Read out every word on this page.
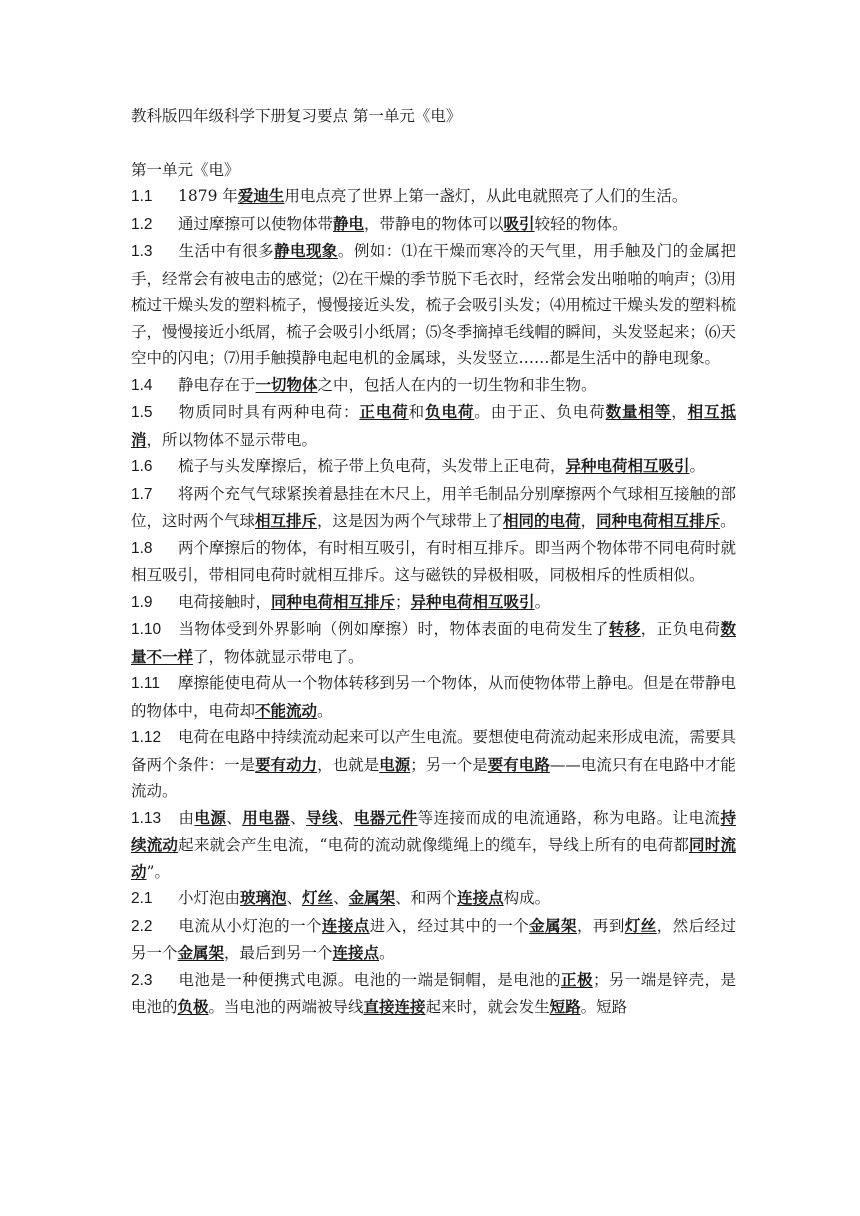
教科版四年级科学下册复习要点 第一单元《电》

第一单元《电》

1.1 1879 年爱迪生用电点亮了世界上第一盏灯，从此电就照亮了人们的生活。

1.2 通过摩擦可以使物体带静电，带静电的物体可以吸引较轻的物体。

1.3 生活中有很多静电现象。例如：⑴在干燥而寒冷的天气里，用手触及门的金属把手，经常会有被电击的感觉；⑵在干燥的季节脱下毛衣时，经常会发出啪啪的响声；⑶用梳过干燥头发的塑料梳子，慢慢接近头发，梳子会吸引头发；⑷用梳过干燥头发的塑料梳子，慢慢接近小纸屑，梳子会吸引小纸屑；⑸冬季摘掉毛线帽的瞬间，头发竖起来；⑹天空中的闪电；⑺用手触摸静电起电机的金属球，头发竖立……都是生活中的静电现象。

1.4 静电存在于一切物体之中，包括人在内的一切生物和非生物。

1.5 物质同时具有两种电荷：正电荷和负电荷。由于正、负电荷数量相等，相互抵消，所以物体不显示带电。

1.6 梳子与头发摩擦后，梳子带上负电荷，头发带上正电荷，异种电荷相互吸引。

1.7 将两个充气气球紧挨着悬挂在木尺上，用羊毛制品分别摩擦两个气球相互接触的部位，这时两个气球相互排斥，这是因为两个气球带上了相同的电荷，同种电荷相互排斥。

1.8 两个摩擦后的物体，有时相互吸引，有时相互排斥。即当两个物体带不同电荷时就相互吸引，带相同电荷时就相互排斥。这与磁铁的异极相吸，同极相斥的性质相似。

1.9 电荷接触时，同种电荷相互排斥；异种电荷相互吸引。

1.10 当物体受到外界影响（例如摩擦）时，物体表面的电荷发生了转移，正负电荷数量不一样了，物体就显示带电了。

1.11 摩擦能使电荷从一个物体转移到另一个物体，从而使物体带上静电。但是在带静电的物体中，电荷却不能流动。

1.12 电荷在电路中持续流动起来可以产生电流。要想使电荷流动起来形成电流，需要具备两个条件：一是要有动力，也就是电源；另一个是要有电路——电流只有在电路中才能流动。

1.13 由电源、用电器、导线、电器元件等连接而成的电流通路，称为电路。让电流持续流动起来就会产生电流，“电荷的流动就像缆绳上的缆车，导线上所有的电荷都同时流动”。

2.1 小灯泡由玻璃泡、灯丝、金属架、和两个连接点构成。

2.2 电流从小灯泡的一个连接点进入，经过其中的一个金属架，再到灯丝，然后经过另一个金属架，最后到另一个连接点。

2.3 电池是一种便携式电源。电池的一端是铜帽，是电池的正极；另一端是锌壳，是电池的负极。当电池的两端被导线直接连接起来时，就会发生短路。短路
